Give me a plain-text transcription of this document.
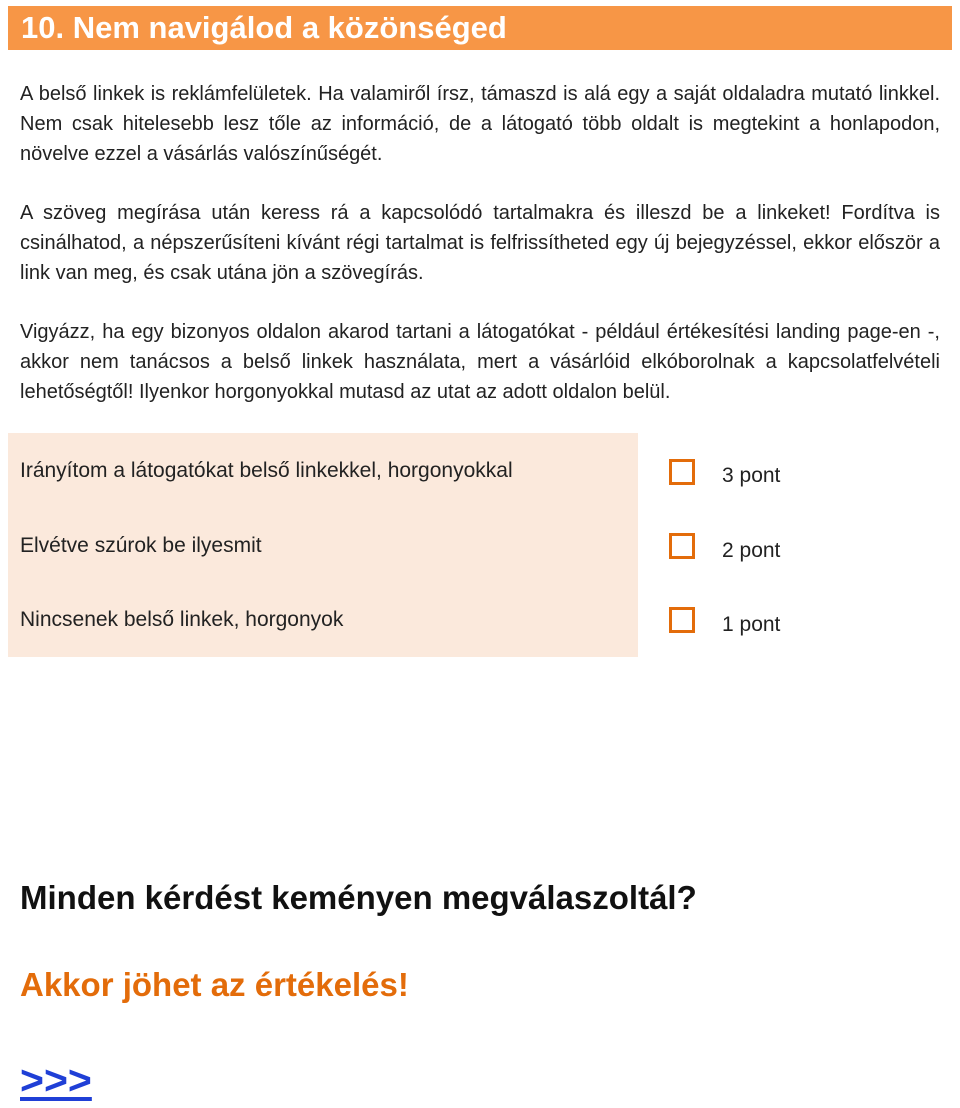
10. Nem navigálod a közönséged

A belső linkek is reklámfelületek. Ha valamiről írsz, támaszd is alá egy a saját oldaladra mutató linkkel. Nem csak hitelesebb lesz tőle az információ, de a látogató több oldalt is megtekint a honlapodon, növelve ezzel a vásárlás valószínűségét.

A szöveg megírása után keress rá a kapcsolódó tartalmakra és illeszd be a linkeket! Fordítva is csinálhatod, a népszerűsíteni kívánt régi tartalmat is felfrissítheted egy új bejegyzéssel, ekkor először a link van meg, és csak utána jön a szövegírás.

Vigyázz, ha egy bizonyos oldalon akarod tartani a látogatókat - például értékesítési landing page-en -, akkor nem tanácsos a belső linkek használata, mert a vásárlóid elkóborolnak a kapcsolatfelvételi lehetőségtől! Ilyenkor horgonyokkal mutasd az utat az adott oldalon belül.

Irányítom a látogatókat belső linkekkel, horgonyokkal	3 pont
Elvétve szúrok be ilyesmit	2 pont
Nincsenek belső linkek, horgonyok	1 pont
Minden kérdést keményen megválaszoltál?
Akkor jöhet az értékelés!
>>>
